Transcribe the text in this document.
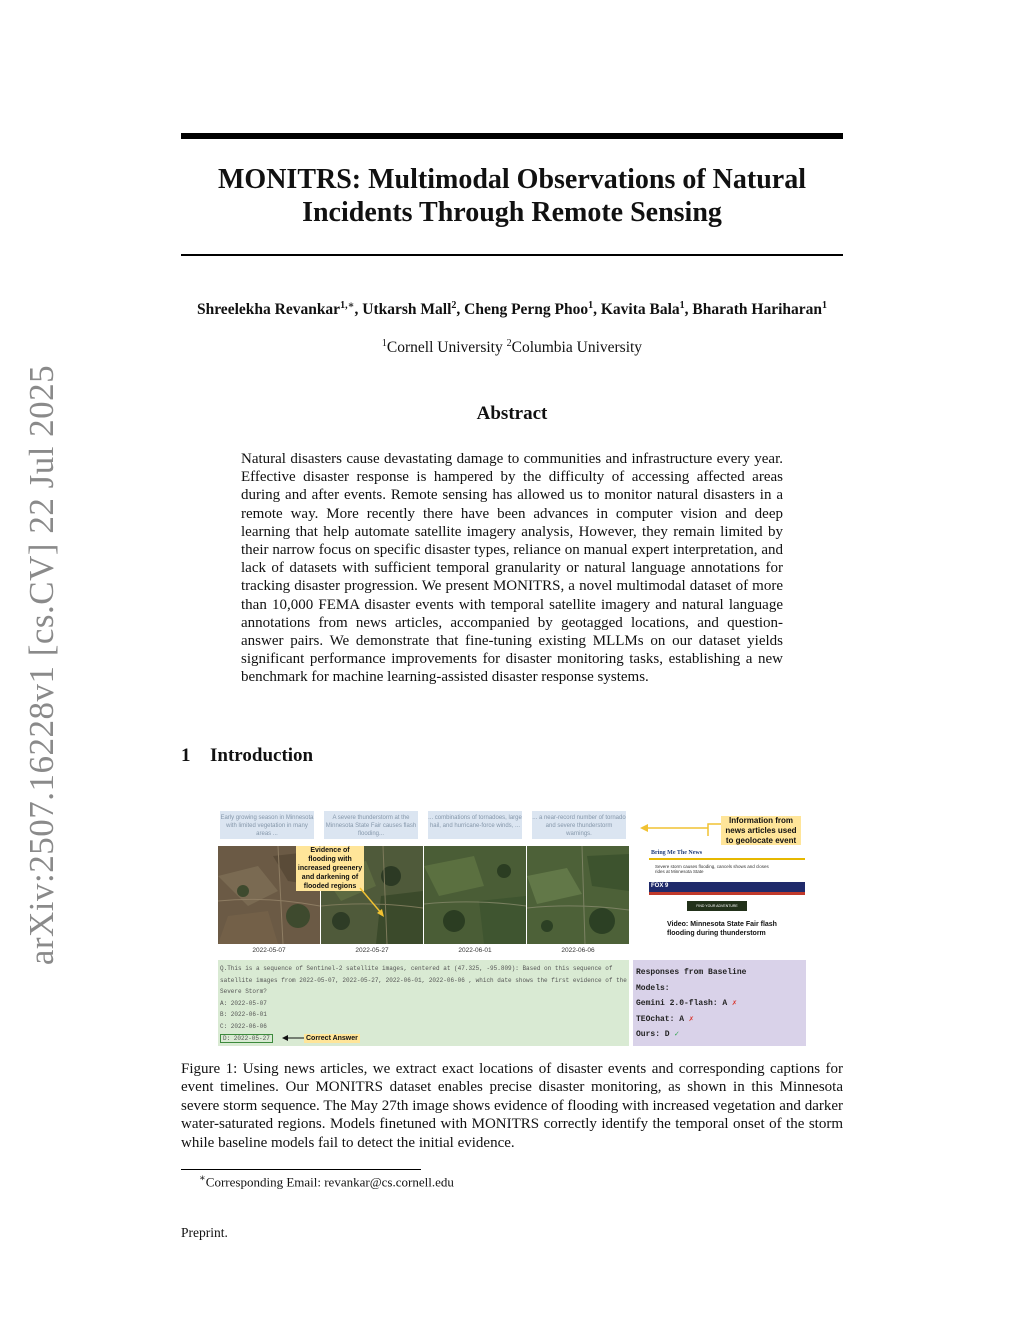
arXiv:2507.16228v1 [cs.CV] 22 Jul 2025
MONITRS: Multimodal Observations of Natural
Incidents Through Remote Sensing
Shreelekha Revankar$^{1,∗}$, Utkarsh Mall$^2$, Cheng Perng Phoo$^1$, Kavita Bala$^1$, Bharath Hariharan$^1$
$^1$Cornell University $^2$Columbia University
Abstract
Natural disasters cause devastating damage to communities and infrastructure every year. Effective disaster response is hampered by the difficulty of accessing affected areas during and after events. Remote sensing has allowed us to monitor natural disasters in a remote way. More recently there have been advances in computer vision and deep learning that help automate satellite imagery analysis, However, they remain limited by their narrow focus on specific disaster types, reliance on manual expert interpretation, and lack of datasets with sufficient temporal granularity or natural language annotations for tracking disaster progression. We present MONITRS, a novel multimodal dataset of more than 10,000 FEMA disaster events with temporal satellite imagery and natural language annotations from news articles, accompanied by geotagged locations, and question-answer pairs. We demonstrate that fine-tuning existing MLLMs on our dataset yields significant performance improvements for disaster monitoring tasks, establishing a new benchmark for machine learning-assisted disaster response systems.
1 Introduction
Early growing season in Minnesota with limited vegetation in many areas ...
A severe thunderstorm at the Minnesota State Fair causes flash flooding...
... combinations of tornadoes, large hail, and hurricane-force winds, ...
... a near-record number of tornado and severe thunderstorm warnings.
2022-05-07	2022-05-27	2022-06-01	2022-06-06
Evidence of flooding with increased greenery and darkening of flooded regions
Information from news articles used to geolocate event
Bring Me The News
Severe storm causes flooding, cancels shows and closes rides at Minnesota State
FOX 9
FIND YOUR ADVENTURE
Video: Minnesota State Fair flash flooding during thunderstorm
Q.This is a sequence of Sentinel-2 satellite images, centered at (47.325, -95.809): Based on this sequence of satellite images from 2022-05-07, 2022-05-27, 2022-06-01, 2022-06-06 , which date shows the first evidence of the Severe Storm?
A: 2022-05-07
B: 2022-06-01
C: 2022-06-06
D: 2022-05-27	Correct Answer
Responses from Baseline
Models:
Gemini 2.0-flash: A ✗
TEOchat: A ✗
Ours: D ✓
Figure 1: Using news articles, we extract exact locations of disaster events and corresponding captions for event timelines. Our MONITRS dataset enables precise disaster monitoring, as shown in this Minnesota severe storm sequence. The May 27th image shows evidence of flooding with increased vegetation and darker water-saturated regions. Models finetuned with MONITRS correctly identify the temporal onset of the storm while baseline models fail to detect the initial evidence.
∗Corresponding Email: revankar@cs.cornell.edu
Preprint.
